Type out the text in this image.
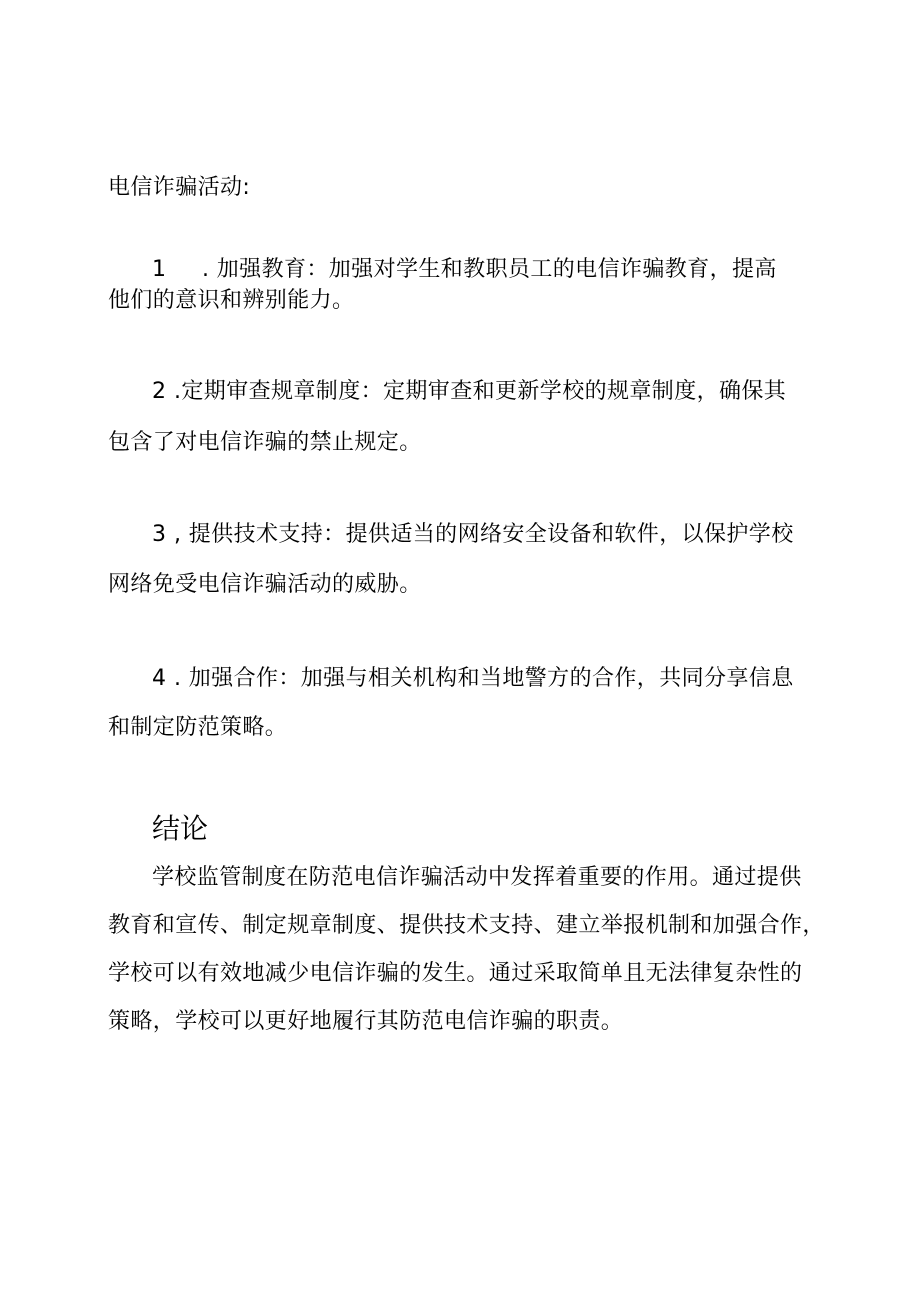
电信诈骗活动:
1 . 加强教育：加强对学生和教职员工的电信诈骗教育，提高
他们的意识和辨别能力。
2 .定期审查规章制度：定期审查和更新学校的规章制度，确保其
包含了对电信诈骗的禁止规定。
3 , 提供技术支持：提供适当的网络安全设备和软件，以保护学校
网络免受电信诈骗活动的威胁。
4 . 加强合作：加强与相关机构和当地警方的合作，共同分享信息
和制定防范策略。
结论
学校监管制度在防范电信诈骗活动中发挥着重要的作用。通过提供
教育和宣传、制定规章制度、提供技术支持、建立举报机制和加强合作，
学校可以有效地减少电信诈骗的发生。通过采取简单且无法律复杂性的
策略，学校可以更好地履行其防范电信诈骗的职责。
